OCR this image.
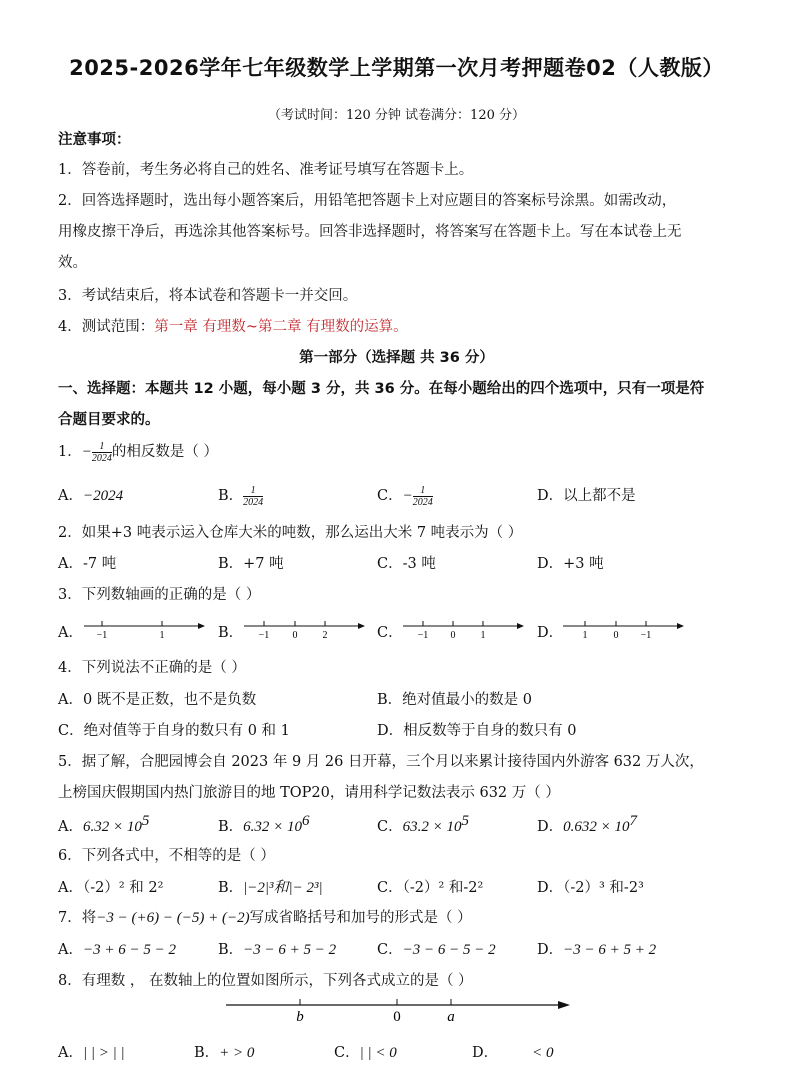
2025-2026学年七年级数学上学期第一次月考押题卷02（人教版）
（考试时间：120 分钟 试卷满分：120 分）
注意事项：
1．答卷前，考生务必将自己的姓名、准考证号填写在答题卡上。
2．回答选择题时，选出每小题答案后，用铅笔把答题卡上对应题目的答案标号涂黑。如需改动，
用橡皮擦干净后，再选涂其他答案标号。回答非选择题时，将答案写在答题卡上。写在本试卷上无
效。
3．考试结束后，将本试卷和答题卡一并交回。
4．测试范围：第一章 有理数~第二章 有理数的运算。
第一部分（选择题 共 36 分）
一、选择题：本题共 12 小题，每小题 3 分，共 36 分。在每小题给出的四个选项中，只有一项是符
合题目要求的。
1．− $\frac{1}{2024}$ 的相反数是（ ）
A．−2024	B． $\frac{1}{2024}$	C．− $\frac{1}{2024}$	D．以上都不是
2．如果+3 吨表示运入仓库大米的吨数，那么运出大米 7 吨表示为（ ）
A．-7 吨	B．+7 吨	C．-3 吨	D．+3 吨
3．下列数轴画的正确的是（ ）
A． −1	1	B． −1 0	2	C． −1 0	1	D． 1	0 −1
4．下列说法不正确的是（ ）
A．0 既不是正数，也不是负数	B．绝对值最小的数是 0
C．绝对值等于自身的数只有 0 和 1	D．相反数等于自身的数只有 0
5．据了解，合肥园博会自 2023 年 9 月 26 日开幕，三个月以来累计接待国内外游客 632 万人次，
上榜国庆假期国内热门旅游目的地 TOP20，请用科学记数法表示 632 万（ ）
A．$6.32 \times 10^5$	B．$6.32 \times 10^6$	C．$63.2 \times 10^5$	D．$0.632 \times 10^7$
6．下列各式中，不相等的是（ ）
A．（-2）² 和 2²	B．|−2|³和|− 2³|	C．（-2）² 和-2²	D．（-2）³ 和-2³
7．将−3 − (+6) − (−5) + (−2)写成省略括号和加号的形式是（ ）
A．−3 + 6 − 5 − 2	B．−3 − 6 + 5 − 2	C．−3 − 6 − 5 − 2	D．−3 − 6 + 5 + 2
8．有理数 ， 在数轴上的位置如图所示，下列各式成立的是（ ）
b	0	a
A．| | > | |	B．+ > 0	C．| | < 0	D． < 0
